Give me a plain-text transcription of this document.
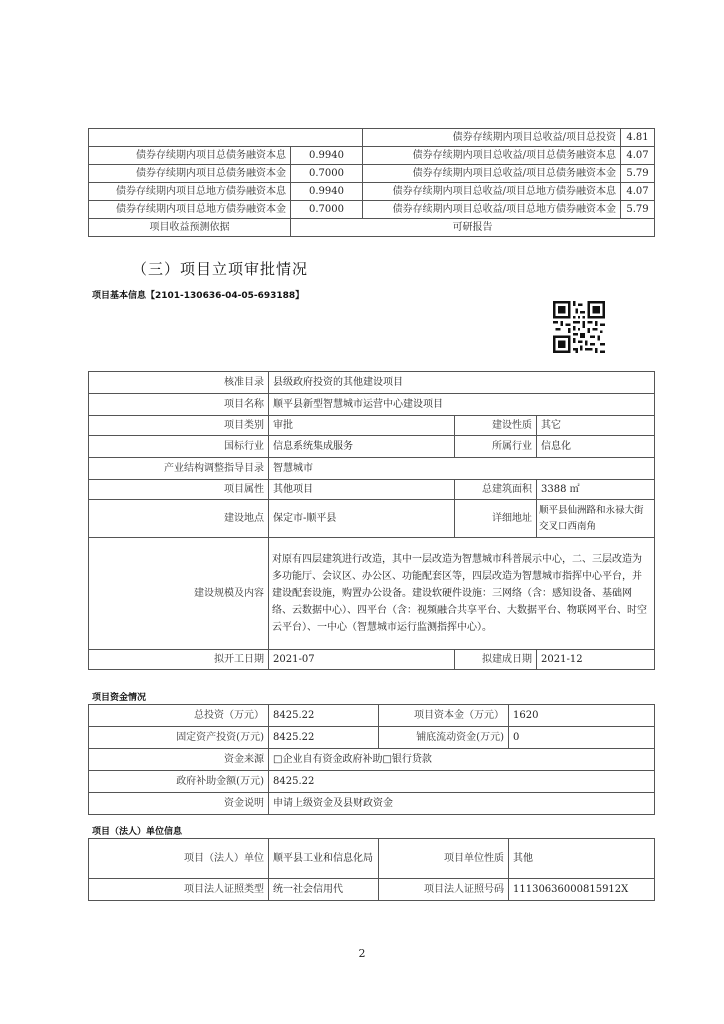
		债券存续期内项目总收益/项目总投资	4.81
债券存续期内项目总债务融资本息	0.9940	债券存续期内项目总收益/项目总债务融资本息	4.07
债券存续期内项目总债务融资本金	0.7000	债券存续期内项目总收益/项目总债务融资本金	5.79
债券存续期内项目总地方债券融资本息	0.9940	债券存续期内项目总收益/项目总地方债券融资本息	4.07
债券存续期内项目总地方债券融资本金	0.7000	债券存续期内项目总收益/项目总地方债券融资本金	5.79
项目收益预测依据	可研报告		
（三）项目立项审批情况
项目基本信息【2101-130636-04-05-693188】
核准目录	县级政府投资的其他建设项目		
项目名称	顺平县新型智慧城市运营中心建设项目		
项目类别	审批	建设性质	其它
国标行业	信息系统集成服务	所属行业	信息化
产业结构调整指导目录	智慧城市		
项目属性	其他项目	总建筑面积	3388 ㎡
建设地点	保定市-顺平县	详细地址	顺平县仙洲路和永禄大街交叉口西南角
建设规模及内容	对原有四层建筑进行改造，其中一层改造为智慧城市科普展示中心，二、三层改造为多功能厅、会议区、办公区、功能配套区等，四层改造为智慧城市指挥中心平台，并建设配套设施，购置办公设备。建设软硬件设施：三网络（含：感知设备、基础网络、云数据中心）、四平台（含：视频融合共享平台、大数据平台、物联网平台、时空云平台）、一中心（智慧城市运行监测指挥中心）。		
拟开工日期	2021-07	拟建成日期	2021-12
项目资金情况
总投资（万元）	8425.22	项目资本金（万元）	1620
固定资产投资(万元)	8425.22	铺底流动资金(万元)	0
资金来源	□企业自有资金政府补助□银行贷款		
政府补助金额(万元)	8425.22		
资金说明	申请上级资金及县财政资金		
项目（法人）单位信息
项目（法人）单位	顺平县工业和信息化局	项目单位性质	其他
项目法人证照类型	统一社会信用代	项目法人证照号码	11130636000815912X
2
